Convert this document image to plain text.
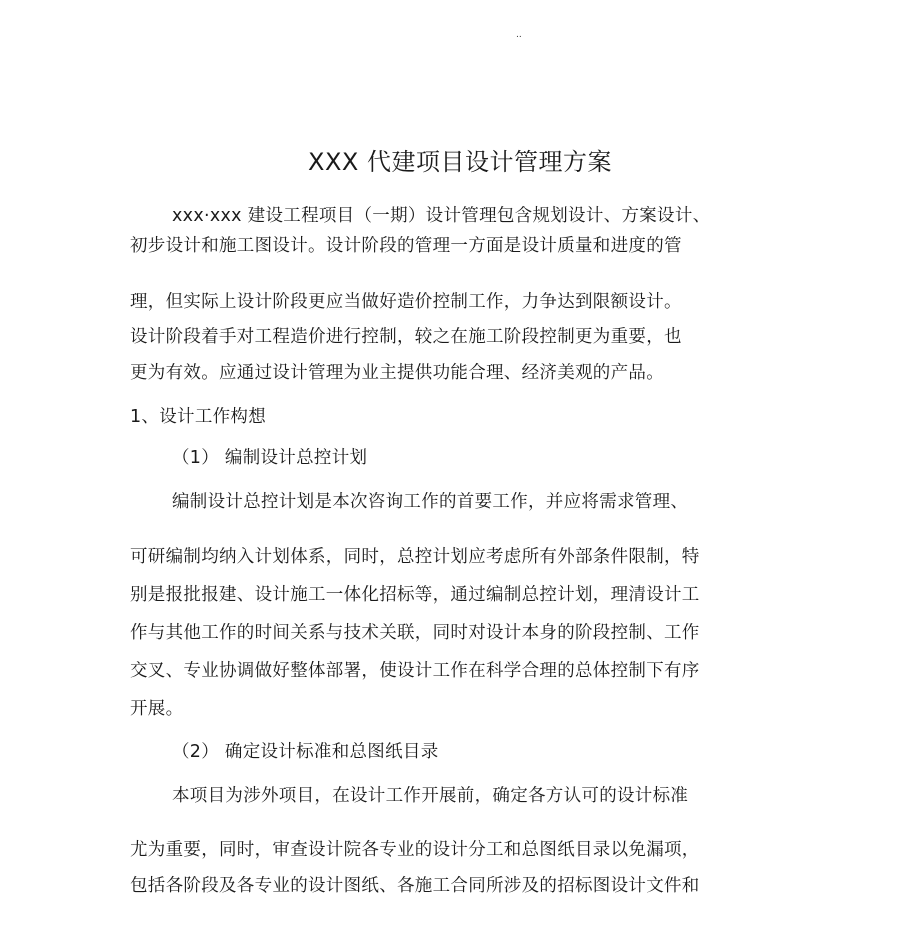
..
XXX 代建项目设计管理方案
xxx·xxx 建设工程项目（一期）设计管理包含规划设计、方案设计、
初步设计和施工图设计。设计阶段的管理一方面是设计质量和进度的管
理，但实际上设计阶段更应当做好造价控制工作，力争达到限额设计。
设计阶段着手对工程造价进行控制，较之在施工阶段控制更为重要，也
更为有效。应通过设计管理为业主提供功能合理、经济美观的产品。
1、设计工作构想
（1） 编制设计总控计划
编制设计总控计划是本次咨询工作的首要工作，并应将需求管理、
可研编制均纳入计划体系，同时，总控计划应考虑所有外部条件限制，特
别是报批报建、设计施工一体化招标等，通过编制总控计划，理清设计工
作与其他工作的时间关系与技术关联，同时对设计本身的阶段控制、工作
交叉、专业协调做好整体部署，使设计工作在科学合理的总体控制下有序
开展。
（2） 确定设计标准和总图纸目录
本项目为涉外项目，在设计工作开展前，确定各方认可的设计标准
尤为重要，同时，审查设计院各专业的设计分工和总图纸目录以免漏项，
包括各阶段及各专业的设计图纸、各施工合同所涉及的招标图设计文件和
